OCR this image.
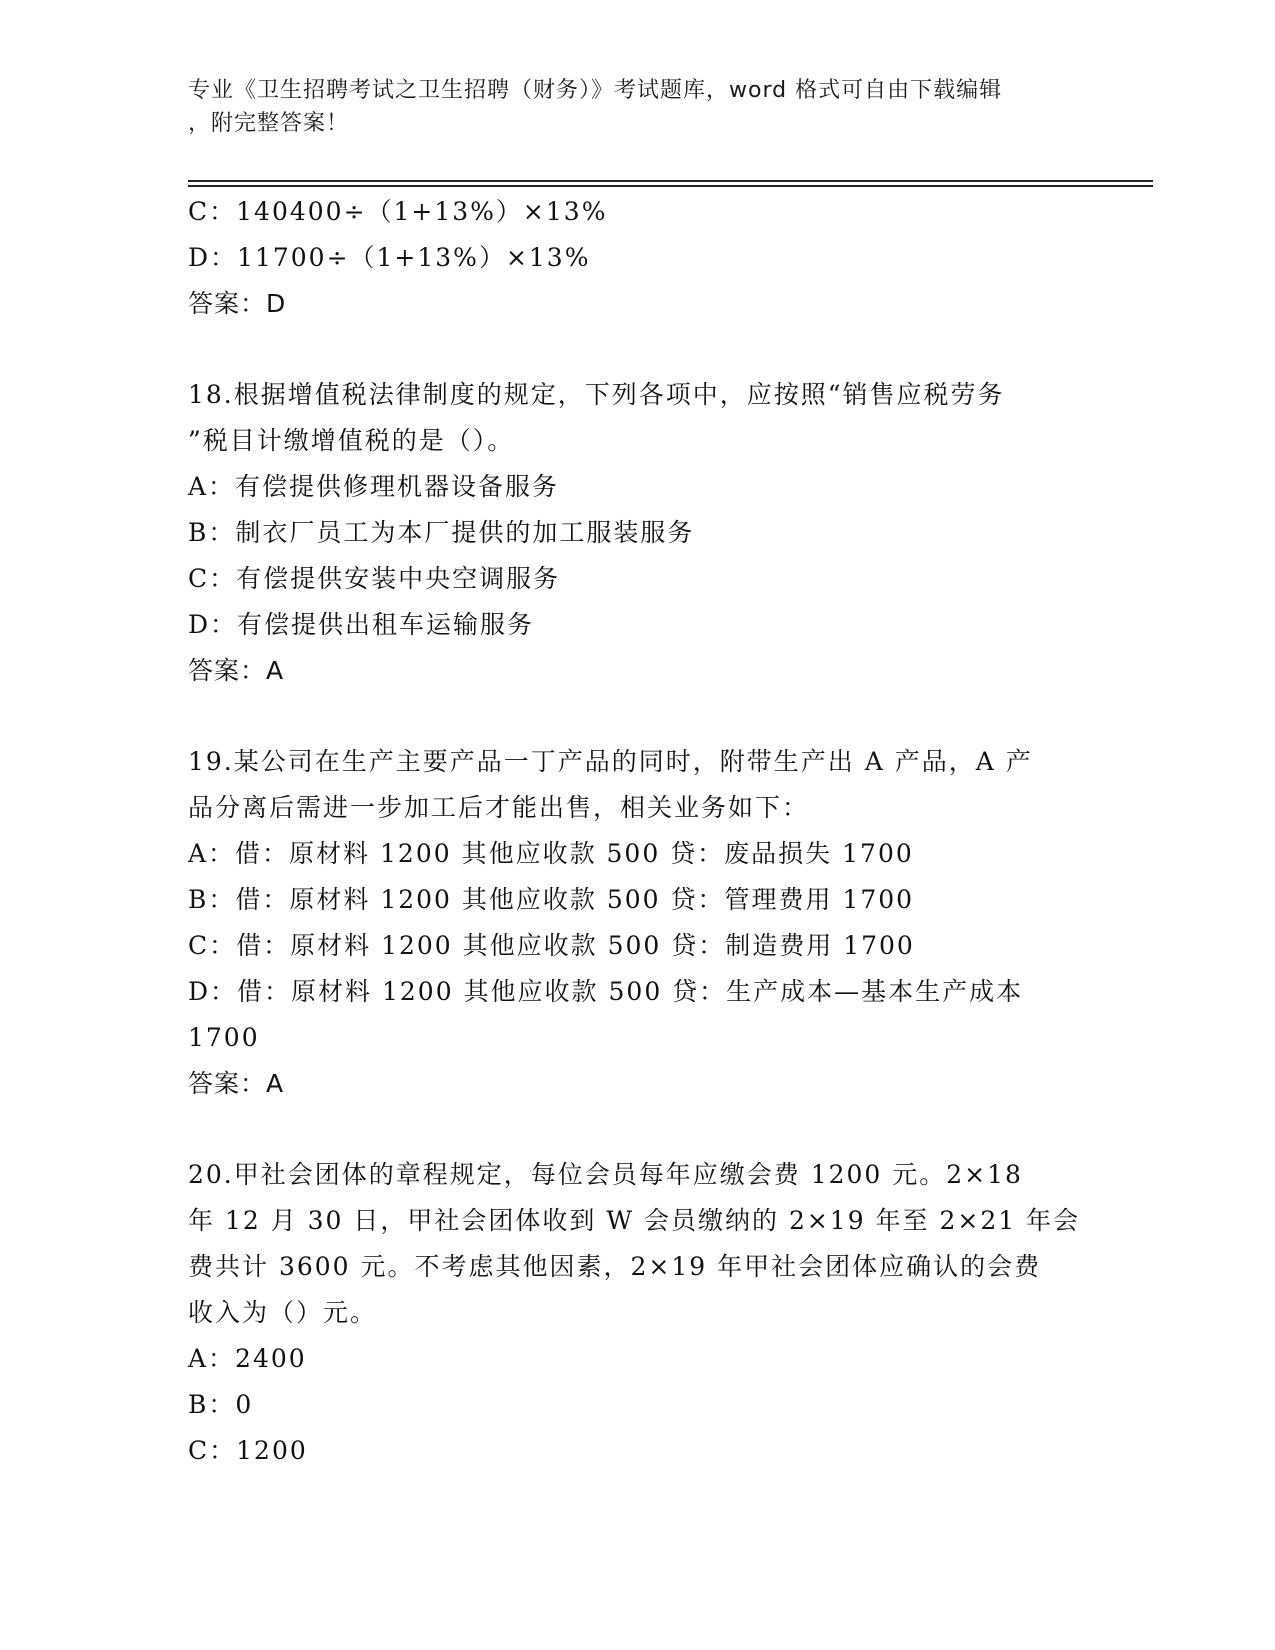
专业《卫生招聘考试之卫生招聘（财务）》考试题库，word 格式可自由下载编辑
，附完整答案！
C：140400÷（1+13%）×13%
D：11700÷（1+13%）×13%
答案：D
18.根据增值税法律制度的规定，下列各项中，应按照“销售应税劳务
”税目计缴增值税的是（）。
A：有偿提供修理机器设备服务
B：制衣厂员工为本厂提供的加工服装服务
C：有偿提供安装中央空调服务
D：有偿提供出租车运输服务
答案：A
19.某公司在生产主要产品一丁产品的同时，附带生产出 A 产品，A 产
品分离后需进一步加工后才能出售，相关业务如下：
A：借：原材料 1200 其他应收款 500 贷：废品损失 1700
B：借：原材料 1200 其他应收款 500 贷：管理费用 1700
C：借：原材料 1200 其他应收款 500 贷：制造费用 1700
D：借：原材料 1200 其他应收款 500 贷：生产成本—基本生产成本
1700
答案：A
20.甲社会团体的章程规定，每位会员每年应缴会费 1200 元。2×18
年 12 月 30 日，甲社会团体收到 W 会员缴纳的 2×19 年至 2×21 年会
费共计 3600 元。不考虑其他因素，2×19 年甲社会团体应确认的会费
收入为（）元。
A：2400
B：0
C：1200
